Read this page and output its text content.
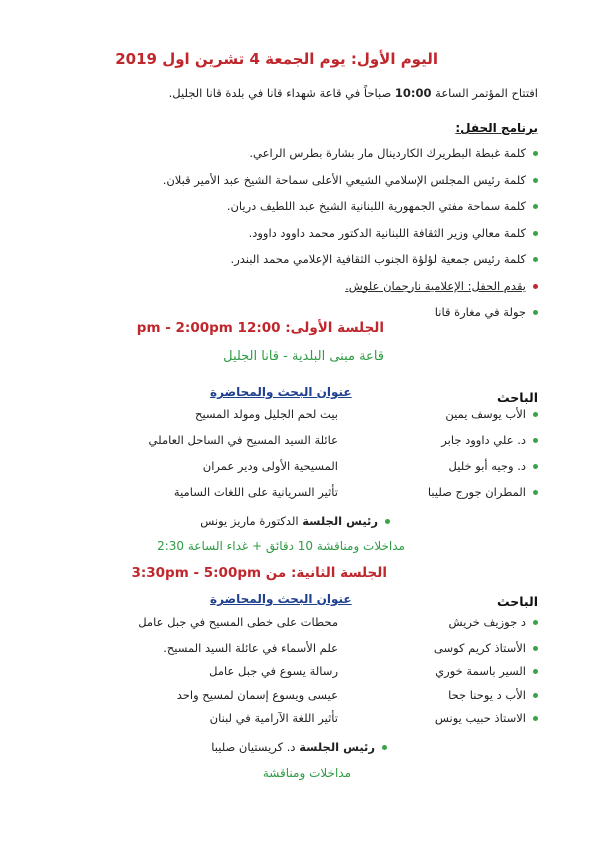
اليوم الأول: يوم الجمعة 4 تشرين اول 2019
افتتاح المؤتمر الساعة 10:00 صباحاً في قاعة شهداء قانا في بلدة قانا الجليل.
برنامج الحفل:
كلمة غبطة البطريرك الكاردينال مار بشارة بطرس الراعي.
كلمة رئيس المجلس الإسلامي الشيعي الأعلى سماحة الشيخ عبد الأمير قبلان.
كلمة سماحة مفتي الجمهورية اللبنانية الشيخ عبد اللطيف دريان.
كلمة معالي وزير الثقافة اللبنانية الدكتور محمد داوود داوود.
كلمة رئيس جمعية لؤلؤة الجنوب الثقافية الإعلامي محمد البندر.
يقدم الحفل: الإعلامية نارجمان علوش.
جولة في مغارة قانا
الجلسة الأولى: 12:00 pm - 2:00pm
قاعة مبنى البلدية - قانا الجليل
عنوان البحث والمحاضرة	الباحث
الأب يوسف يمين
بيت لحم الجليل ومولد المسيح
د. علي داوود جابر
عائلة السيد المسيح في الساحل العاملي
د. وجيه أبو خليل
المسيحية الأولى ودير عمران
المطران جورج صليبا
تأثير السريانية على اللغات السامية
رئيس الجلسة الدكتورة ماريز يونس
مداخلات ومناقشة 10 دقائق + غداء الساعة 2:30
الجلسة الثانية: من 3:30pm - 5:00pm
عنوان البحث والمحاضرة	الباحث
د جوزيف خريش
محطات على خطى المسيح في جبل عامل
الأستاذ كريم كوسى
علم الأسماء في عائلة السيد المسيح.
السير باسمة خوري
رسالة يسوع في جبل عامل
الأب د يوحنا جحا
عيسى ويسوع إسمان لمسيح واحد
الاستاذ حبيب يونس
تأثير اللغة الآرامية في لبنان
رئيس الجلسة د. كريستيان صليبا
مداخلات ومناقشة
